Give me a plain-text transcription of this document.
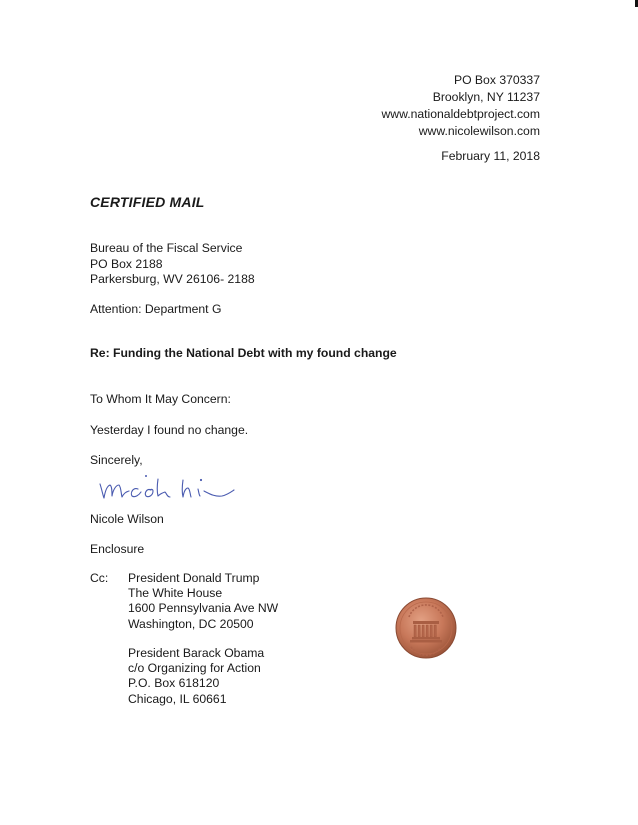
PO Box 370337
Brooklyn, NY 11237
www.nationaldebtproject.com
www.nicolewilson.com
February 11, 2018
CERTIFIED MAIL
Bureau of the Fiscal Service
PO Box 2188
Parkersburg, WV 26106- 2188
Attention: Department G
Re: Funding the National Debt with my found change
To Whom It May Concern:
Yesterday I found no change.
Sincerely,
Nicole Wilson
Enclosure
Cc: President Donald Trump
The White House
1600 Pennsylvania Ave NW
Washington, DC 20500
President Barack Obama
c/o Organizing for Action
P.O. Box 618120
Chicago, IL 60661
